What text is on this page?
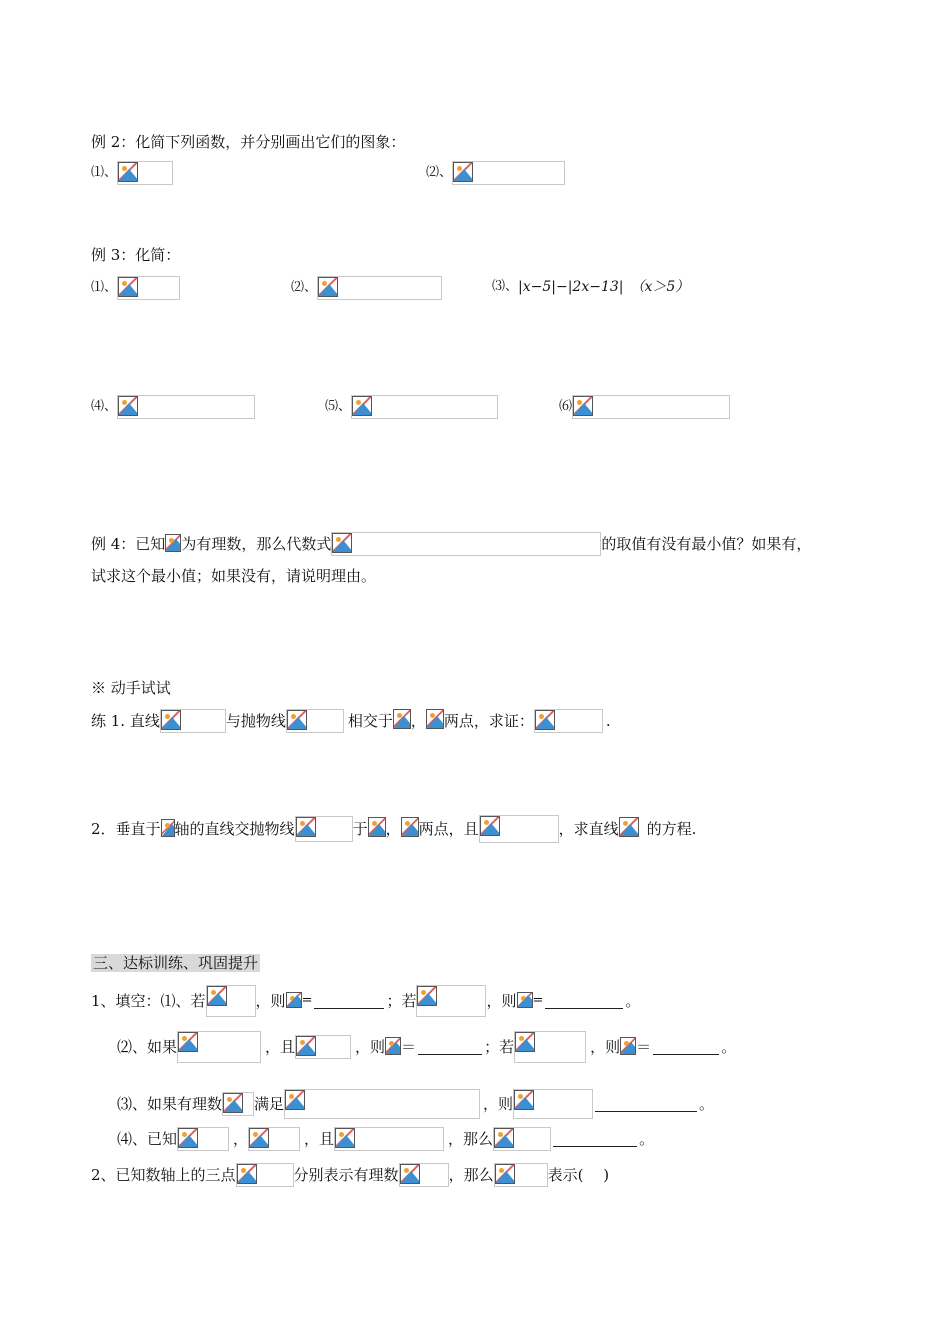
例 2：化简下列函数，并分别画出它们的图象：
⑴、	⑵、
例 3：化简：
⑴、	⑵、	⑶、|x−5|−|2x−13|　（x＞5）
⑷、	⑸、	⑹
例 4：已知 为有理数，那么代数式	的取值有没有最小值？如果有，
试求这个最小值；如果没有，请说明理由。
※ 动手试试
练 1. 直线	与抛物线	相交于 ， 两点，求证：	.
2．垂直于 轴的直线交抛物线	于 ， 两点，且	，求直线 的方程.
三、达标训练、巩固提升
1、填空：⑴、若	，则 =	；若	，则 =	。
⑵、如果	，且	，则 ＝	；若	，则 ＝	。
⑶、如果有理数 满足	，则	。
⑷、已知	，	，且	，那么	。
2、已知数轴上的三点	分别表示有理数	，那么	表示(　 )
